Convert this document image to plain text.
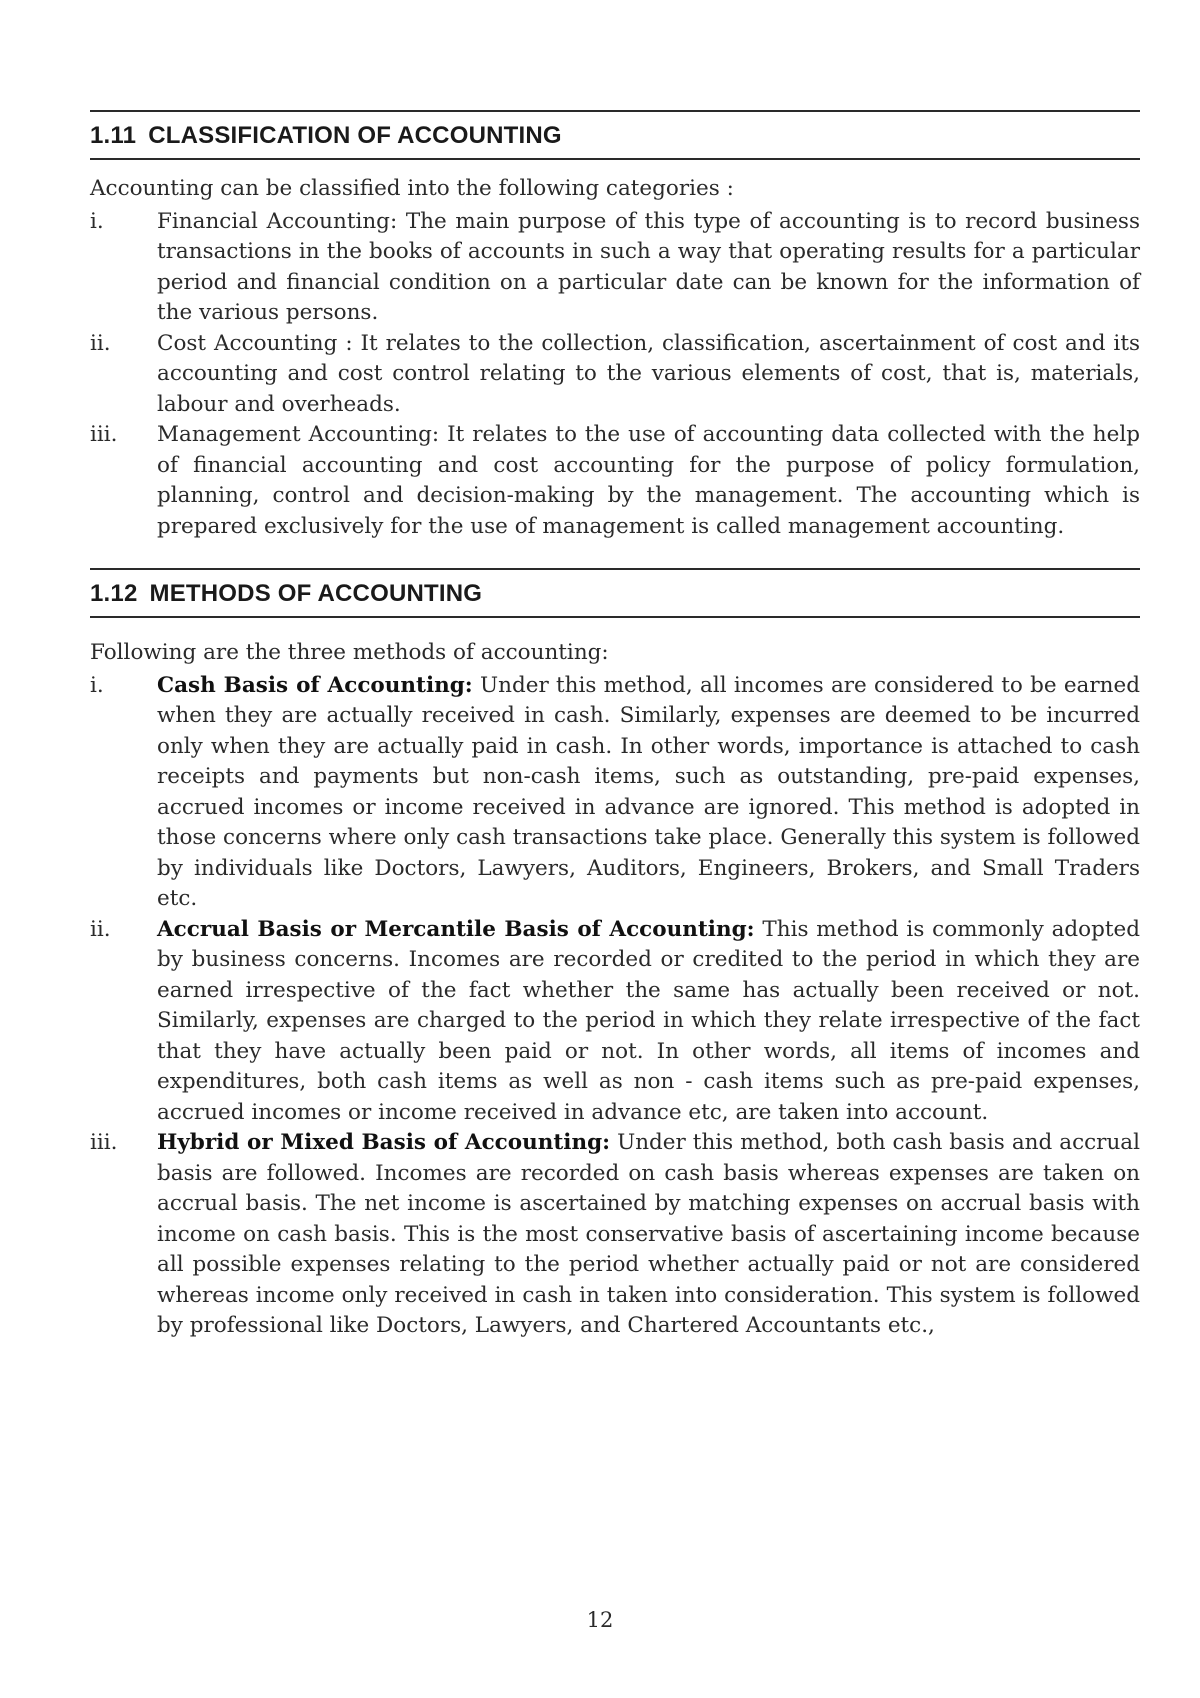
1.11 CLASSIFICATION OF ACCOUNTING
Accounting can be classified into the following categories :
i.	Financial Accounting: The main purpose of this type of accounting is to record business transactions in the books of accounts in such a way that operating results for a particular period and financial condition on a particular date can be known for the information of the various persons.
ii.	Cost Accounting : It relates to the collection, classification, ascertainment of cost and its accounting and cost control relating to the various elements of cost, that is, materials, labour and overheads.
iii.	Management Accounting: It relates to the use of accounting data collected with the help of financial accounting and cost accounting for the purpose of policy formulation, planning, control and decision-making by the management. The accounting which is prepared exclusively for the use of management is called management accounting.
1.12 METHODS OF ACCOUNTING
Following are the three methods of accounting:
i.	Cash Basis of Accounting: Under this method, all incomes are considered to be earned when they are actually received in cash. Similarly, expenses are deemed to be incurred only when they are actually paid in cash. In other words, importance is attached to cash receipts and payments but non-cash items, such as outstanding, pre-paid expenses, accrued incomes or income received in advance are ignored. This method is adopted in those concerns where only cash transactions take place. Generally this system is followed by individuals like Doctors, Lawyers, Auditors, Engineers, Brokers, and Small Traders etc.
ii.	Accrual Basis or Mercantile Basis of Accounting: This method is commonly adopted by business concerns. Incomes are recorded or credited to the period in which they are earned irrespective of the fact whether the same has actually been received or not. Similarly, expenses are charged to the period in which they relate irrespective of the fact that they have actually been paid or not. In other words, all items of incomes and expenditures, both cash items as well as non - cash items such as pre-paid expenses, accrued incomes or income received in advance etc, are taken into account.
iii.	Hybrid or Mixed Basis of Accounting: Under this method, both cash basis and accrual basis are followed. Incomes are recorded on cash basis whereas expenses are taken on accrual basis. The net income is ascertained by matching expenses on accrual basis with income on cash basis. This is the most conservative basis of ascertaining income because all possible expenses relating to the period whether actually paid or not are considered whereas income only received in cash in taken into consideration. This system is followed by professional like Doctors, Lawyers, and Chartered Accountants etc.,
12
